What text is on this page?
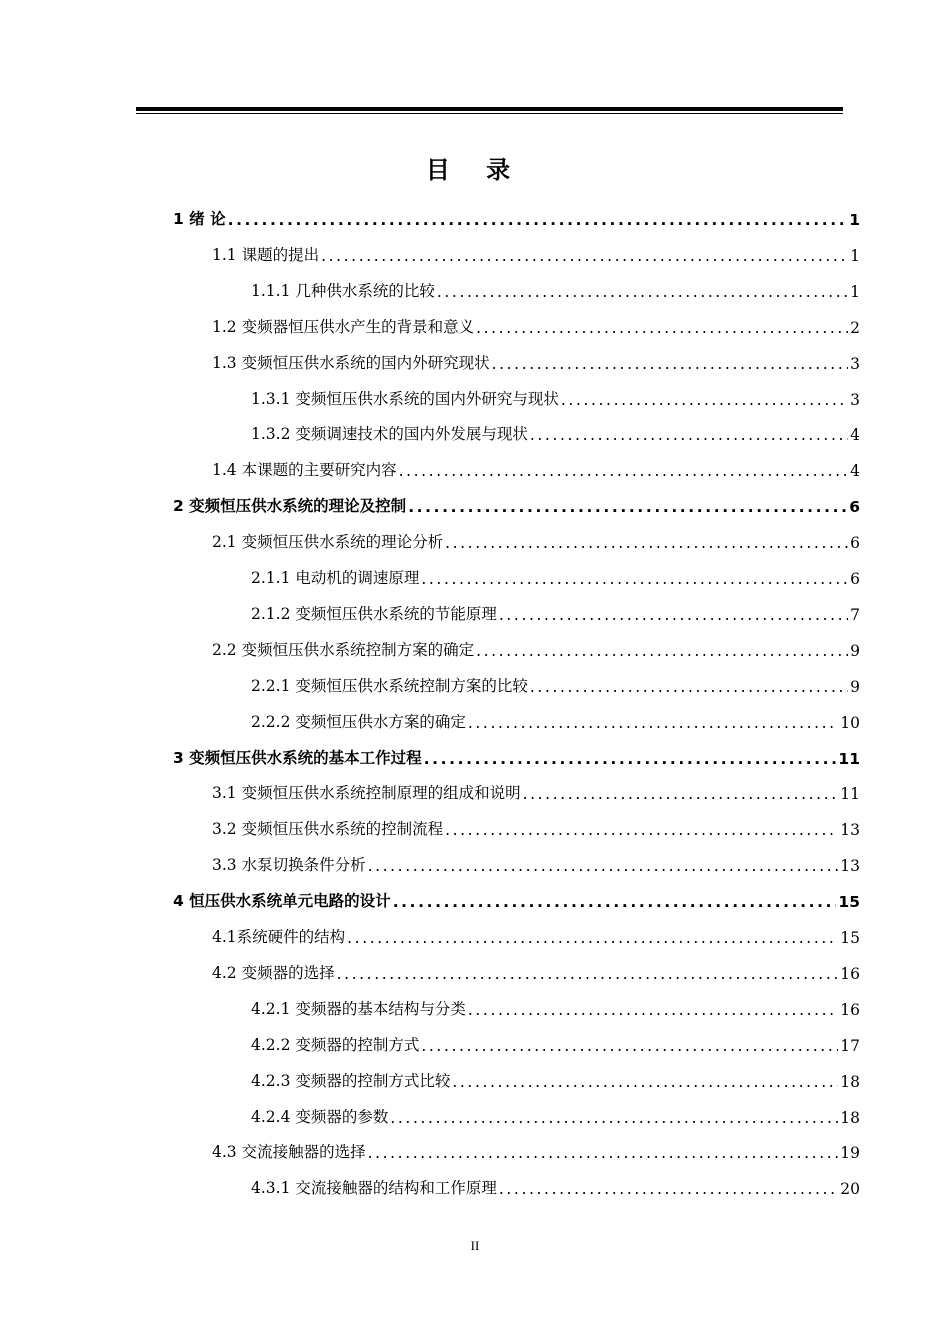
目 录
1 绪 论 .....	1
1.1 课题的提出 .....	1
1.1.1 几种供水系统的比较 .....	1
1.2 变频器恒压供水产生的背景和意义 .....	2
1.3 变频恒压供水系统的国内外研究现状 .....	3
1.3.1 变频恒压供水系统的国内外研究与现状 .....	3
1.3.2 变频调速技术的国内外发展与现状 .....	4
1.4 本课题的主要研究内容 .....	4
2 变频恒压供水系统的理论及控制 .....	6
2.1 变频恒压供水系统的理论分析 .....	6
2.1.1 电动机的调速原理 .....	6
2.1.2 变频恒压供水系统的节能原理 .....	7
2.2 变频恒压供水系统控制方案的确定 .....	9
2.2.1 变频恒压供水系统控制方案的比较 .....	9
2.2.2 变频恒压供水方案的确定 .....	10
3 变频恒压供水系统的基本工作过程 .....	11
3.1 变频恒压供水系统控制原理的组成和说明 .....	11
3.2 变频恒压供水系统的控制流程 .....	13
3.3 水泵切换条件分析 .....	13
4 恒压供水系统单元电路的设计 .....	15
4.1系统硬件的结构 .....	15
4.2 变频器的选择 .....	16
4.2.1 变频器的基本结构与分类 .....	16
4.2.2 变频器的控制方式 .....	17
4.2.3 变频器的控制方式比较 .....	18
4.2.4 变频器的参数 .....	18
4.3 交流接触器的选择 .....	19
4.3.1 交流接触器的结构和工作原理 .....	20
II
